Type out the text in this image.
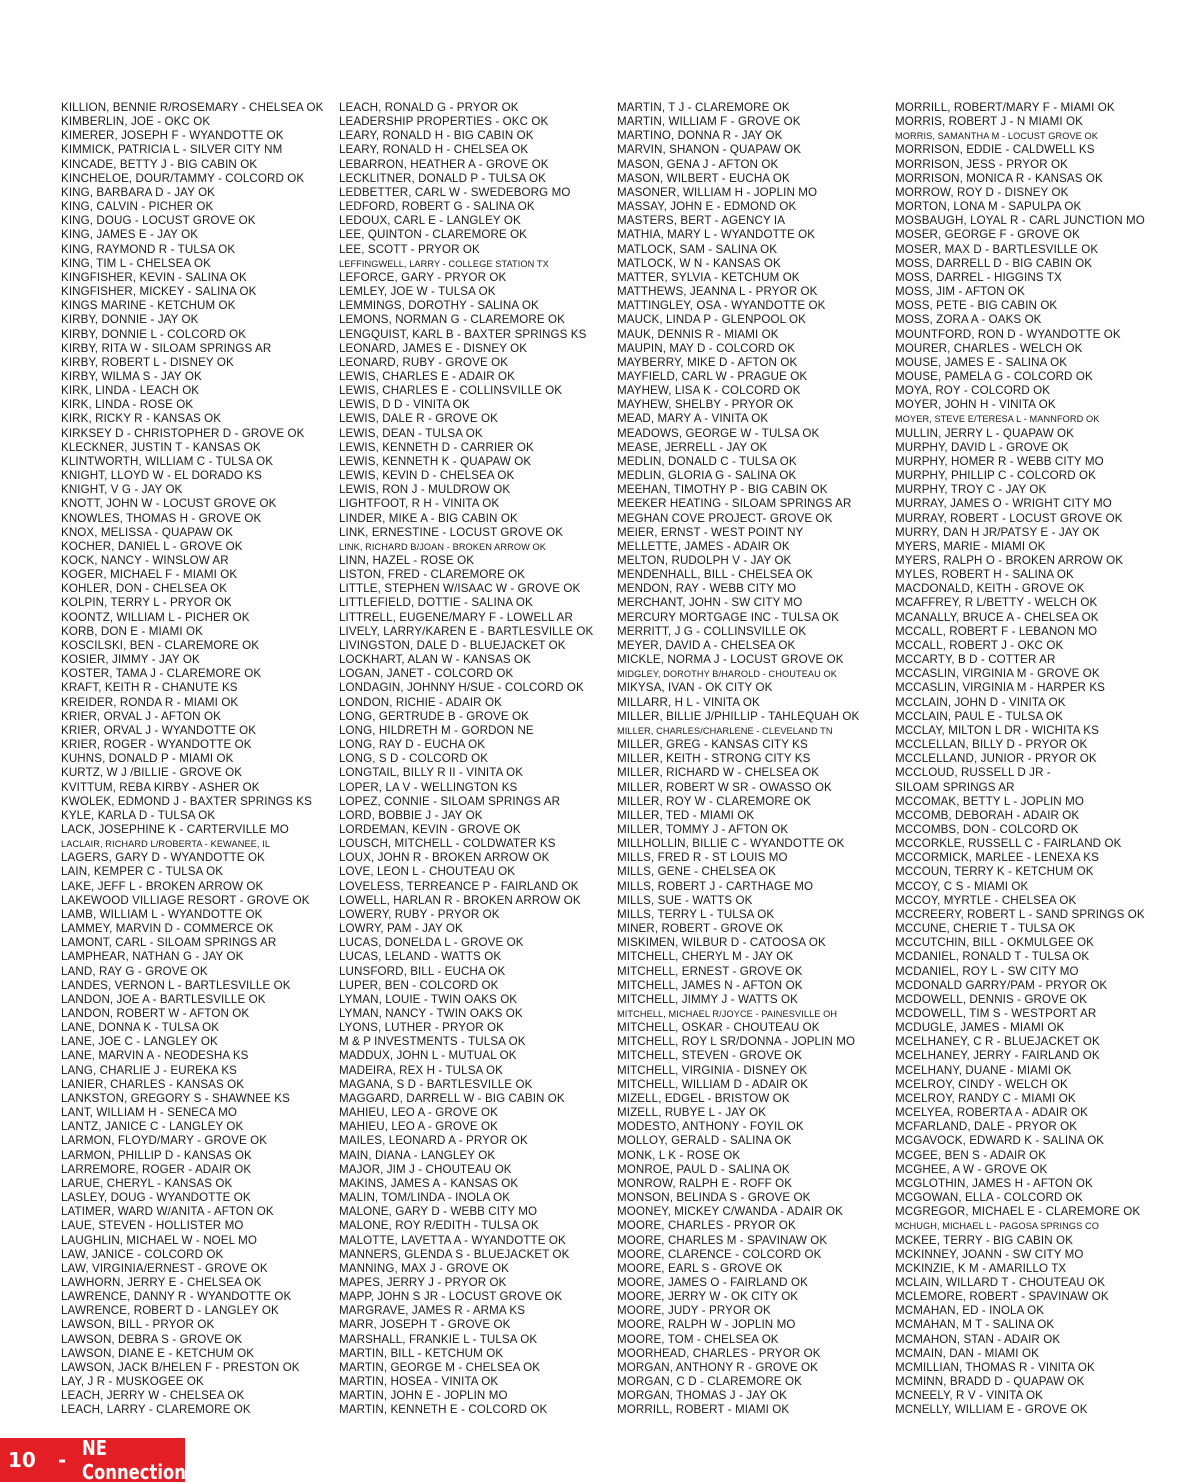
KILLION, BENNIE R/ROSEMARY - CHELSEA OK
KIMBERLIN, JOE - OKC OK
KIMERER, JOSEPH F - WYANDOTTE OK
KIMMICK, PATRICIA L - SILVER CITY NM
KINCADE, BETTY J - BIG CABIN OK
KINCHELOE, DOUR/TAMMY - COLCORD OK
KING, BARBARA D - JAY OK
KING, CALVIN - PICHER OK
KING, DOUG - LOCUST GROVE OK
KING, JAMES E - JAY OK
KING, RAYMOND R - TULSA OK
KING, TIM L - CHELSEA OK
KINGFISHER, KEVIN - SALINA OK
KINGFISHER, MICKEY - SALINA OK
KINGS MARINE - KETCHUM OK
KIRBY, DONNIE - JAY OK
KIRBY, DONNIE L - COLCORD OK
KIRBY, RITA W - SILOAM SPRINGS AR
KIRBY, ROBERT L - DISNEY OK
KIRBY, WILMA S - JAY OK
KIRK, LINDA - LEACH OK
KIRK, LINDA - ROSE OK
KIRK, RICKY R - KANSAS OK
KIRKSEY D - CHRISTOPHER D - GROVE OK
KLECKNER, JUSTIN T - KANSAS OK
KLINTWORTH, WILLIAM C - TULSA OK
KNIGHT, LLOYD W - EL DORADO KS
KNIGHT, V G - JAY OK
KNOTT, JOHN W - LOCUST GROVE OK
KNOWLES, THOMAS H - GROVE OK
KNOX, MELISSA - QUAPAW OK
KOCHER, DANIEL L - GROVE OK
KOCK, NANCY - WINSLOW AR
KOGER, MICHAEL F - MIAMI OK
KOHLER, DON - CHELSEA OK
KOLPIN, TERRY L - PRYOR OK
KOONTZ, WILLIAM L - PICHER OK
KORB, DON E - MIAMI OK
KOSCILSKI, BEN - CLAREMORE OK
KOSIER, JIMMY - JAY OK
KOSTER, TAMA J - CLAREMORE OK
KRAFT, KEITH R - CHANUTE KS
KREIDER, RONDA R - MIAMI OK
KRIER, ORVAL J - AFTON OK
KRIER, ORVAL J - WYANDOTTE OK
KRIER, ROGER - WYANDOTTE OK
KUHNS, DONALD P - MIAMI OK
KURTZ, W J /BILLIE - GROVE OK
KVITTUM, REBA KIRBY - ASHER OK
KWOLEK, EDMOND J - BAXTER SPRINGS KS
KYLE, KARLA D - TULSA OK
LACK, JOSEPHINE K - CARTERVILLE MO
LACLAIR, RICHARD L/ROBERTA - KEWANEE, IL
LAGERS, GARY D - WYANDOTTE OK
LAIN, KEMPER C - TULSA OK
LAKE, JEFF L - BROKEN ARROW OK
LAKEWOOD VILLIAGE RESORT - GROVE OK
LAMB, WILLIAM L - WYANDOTTE OK
LAMMEY, MARVIN D - COMMERCE OK
LAMONT, CARL - SILOAM SPRINGS AR
LAMPHEAR, NATHAN G - JAY OK
LAND, RAY G - GROVE OK
LANDES, VERNON L - BARTLESVILLE OK
LANDON, JOE A - BARTLESVILLE OK
LANDON, ROBERT W - AFTON OK
LANE, DONNA K - TULSA OK
LANE, JOE C - LANGLEY OK
LANE, MARVIN A - NEODESHA KS
LANG, CHARLIE J - EUREKA KS
LANIER, CHARLES - KANSAS OK
LANKSTON, GREGORY S - SHAWNEE KS
LANT, WILLIAM H - SENECA MO
LANTZ, JANICE C - LANGLEY OK
LARMON, FLOYD/MARY - GROVE OK
LARMON, PHILLIP D - KANSAS OK
LARREMORE, ROGER - ADAIR OK
LARUE, CHERYL - KANSAS OK
LASLEY, DOUG - WYANDOTTE OK
LATIMER, WARD W/ANITA - AFTON OK
LAUE, STEVEN - HOLLISTER MO
LAUGHLIN, MICHAEL W - NOEL MO
LAW, JANICE - COLCORD OK
LAW, VIRGINIA/ERNEST - GROVE OK
LAWHORN, JERRY E - CHELSEA OK
LAWRENCE, DANNY R - WYANDOTTE OK
LAWRENCE, ROBERT D - LANGLEY OK
LAWSON, BILL - PRYOR OK
LAWSON, DEBRA S - GROVE OK
LAWSON, DIANE E - KETCHUM OK
LAWSON, JACK B/HELEN F - PRESTON OK
LAY, J R - MUSKOGEE OK
LEACH, JERRY W - CHELSEA OK
LEACH, LARRY - CLAREMORE OK
LEACH, RONALD G - PRYOR OK
LEADERSHIP PROPERTIES - OKC OK
LEARY, RONALD H - BIG CABIN OK
LEARY, RONALD H - CHELSEA OK
LEBARRON, HEATHER A - GROVE OK
LECKLITNER, DONALD P - TULSA OK
LEDBETTER, CARL W - SWEDEBORG MO
LEDFORD, ROBERT G - SALINA OK
LEDOUX, CARL E - LANGLEY OK
LEE, QUINTON - CLAREMORE OK
LEE, SCOTT - PRYOR OK
LEFFINGWELL, LARRY - COLLEGE STATION TX
LEFORCE, GARY - PRYOR OK
LEMLEY, JOE W - TULSA OK
LEMMINGS, DOROTHY - SALINA OK
LEMONS, NORMAN G - CLAREMORE OK
LENGQUIST, KARL B - BAXTER SPRINGS KS
LEONARD, JAMES E - DISNEY OK
LEONARD, RUBY - GROVE OK
LEWIS, CHARLES E - ADAIR OK
LEWIS, CHARLES E - COLLINSVILLE OK
LEWIS, D D - VINITA OK
LEWIS, DALE R - GROVE OK
LEWIS, DEAN - TULSA OK
LEWIS, KENNETH D - CARRIER OK
LEWIS, KENNETH K - QUAPAW OK
LEWIS, KEVIN D - CHELSEA OK
LEWIS, RON J - MULDROW OK
LIGHTFOOT, R H - VINITA OK
LINDER, MIKE A - BIG CABIN OK
LINK, ERNESTINE - LOCUST GROVE OK
LINK, RICHARD B/JOAN - BROKEN ARROW OK
LINN, HAZEL - ROSE OK
LISTON, FRED - CLAREMORE OK
LITTLE, STEPHEN W/ISAAC W - GROVE OK
LITTLEFIELD, DOTTIE - SALINA OK
LITTRELL, EUGENE/MARY F - LOWELL AR
LIVELY, LARRY/KAREN E - BARTLESVILLE OK
LIVINGSTON, DALE D - BLUEJACKET OK
LOCKHART, ALAN W - KANSAS OK
LOGAN, JANET - COLCORD OK
LONDAGIN, JOHNNY H/SUE - COLCORD OK
LONDON, RICHIE - ADAIR OK
LONG, GERTRUDE B - GROVE OK
LONG, HILDRETH M - GORDON NE
LONG, RAY D - EUCHA OK
LONG, S D - COLCORD OK
LONGTAIL, BILLY R II - VINITA OK
LOPER, LA V - WELLINGTON KS
LOPEZ, CONNIE - SILOAM SPRINGS AR
LORD, BOBBIE J - JAY OK
LORDEMAN, KEVIN - GROVE OK
LOUSCH, MITCHELL - COLDWATER KS
LOUX, JOHN R - BROKEN ARROW OK
LOVE, LEON L - CHOUTEAU OK
LOVELESS, TERREANCE P - FAIRLAND OK
LOWELL, HARLAN R - BROKEN ARROW OK
LOWERY, RUBY - PRYOR OK
LOWRY, PAM - JAY OK
LUCAS, DONELDA L - GROVE OK
LUCAS, LELAND - WATTS OK
LUNSFORD, BILL - EUCHA OK
LUPER, BEN - COLCORD OK
LYMAN, LOUIE - TWIN OAKS OK
LYMAN, NANCY - TWIN OAKS OK
LYONS, LUTHER - PRYOR OK
M & P INVESTMENTS - TULSA OK
MADDUX, JOHN L - MUTUAL OK
MADEIRA, REX H - TULSA OK
MAGANA, S D - BARTLESVILLE OK
MAGGARD, DARRELL W - BIG CABIN OK
MAHIEU, LEO A - GROVE OK
MAHIEU, LEO A - GROVE OK
MAILES, LEONARD A - PRYOR OK
MAIN, DIANA - LANGLEY OK
MAJOR, JIM J - CHOUTEAU OK
MAKINS, JAMES A - KANSAS OK
MALIN, TOM/LINDA - INOLA OK
MALONE, GARY D - WEBB CITY MO
MALONE, ROY R/EDITH - TULSA OK
MALOTTE, LAVETTA A - WYANDOTTE OK
MANNERS, GLENDA S - BLUEJACKET OK
MANNING, MAX J - GROVE OK
MAPES, JERRY J - PRYOR OK
MAPP, JOHN S JR - LOCUST GROVE OK
MARGRAVE, JAMES R - ARMA KS
MARR, JOSEPH T - GROVE OK
MARSHALL, FRANKIE L - TULSA OK
MARTIN, BILL - KETCHUM OK
MARTIN, GEORGE M - CHELSEA OK
MARTIN, HOSEA - VINITA OK
MARTIN, JOHN E - JOPLIN MO
MARTIN, KENNETH E - COLCORD OK
MARTIN, T J - CLAREMORE OK
MARTIN, WILLIAM F - GROVE OK
MARTINO, DONNA R - JAY OK
MARVIN, SHANON - QUAPAW OK
MASON, GENA J - AFTON OK
MASON, WILBERT - EUCHA OK
MASONER, WILLIAM H - JOPLIN MO
MASSAY, JOHN E - EDMOND OK
MASTERS, BERT - AGENCY IA
MATHIA, MARY L - WYANDOTTE OK
MATLOCK, SAM - SALINA OK
MATLOCK, W N - KANSAS OK
MATTER, SYLVIA - KETCHUM OK
MATTHEWS, JEANNA L - PRYOR OK
MATTINGLEY, OSA - WYANDOTTE OK
MAUCK, LINDA P - GLENPOOL OK
MAUK, DENNIS R - MIAMI OK
MAUPIN, MAY D - COLCORD OK
MAYBERRY, MIKE D - AFTON OK
MAYFIELD, CARL W - PRAGUE OK
MAYHEW, LISA K - COLCORD OK
MAYHEW, SHELBY - PRYOR OK
MEAD, MARY A - VINITA OK
MEADOWS, GEORGE W - TULSA OK
MEASE, JERRELL - JAY OK
MEDLIN, DONALD C - TULSA OK
MEDLIN, GLORIA G - SALINA OK
MEEHAN, TIMOTHY P - BIG CABIN OK
MEEKER HEATING - SILOAM SPRINGS AR
MEGHAN COVE PROJECT- GROVE OK
MEIER, ERNST - WEST POINT NY
MELLETTE, JAMES - ADAIR OK
MELTON, RUDOLPH V - JAY OK
MENDENHALL, BILL - CHELSEA OK
MENDON, RAY - WEBB CITY MO
MERCHANT, JOHN - SW CITY MO
MERCURY MORTGAGE INC - TULSA OK
MERRITT, J G - COLLINSVILLE OK
MEYER, DAVID A - CHELSEA OK
MICKLE, NORMA J - LOCUST GROVE OK
MIDGLEY, DOROTHY B/HAROLD - CHOUTEAU OK
MIKYSA, IVAN - OK CITY OK
MILLARR, H L - VINITA OK
MILLER, BILLIE J/PHILLIP - TAHLEQUAH OK
MILLER, CHARLES/CHARLENE - CLEVELAND TN
MILLER, GREG - KANSAS CITY KS
MILLER, KEITH - STRONG CITY KS
MILLER, RICHARD W - CHELSEA OK
MILLER, ROBERT W SR - OWASSO OK
MILLER, ROY W - CLAREMORE OK
MILLER, TED - MIAMI OK
MILLER, TOMMY J - AFTON OK
MILLHOLLIN, BILLIE C - WYANDOTTE OK
MILLS, FRED R - ST LOUIS MO
MILLS, GENE - CHELSEA OK
MILLS, ROBERT J - CARTHAGE MO
MILLS, SUE - WATTS OK
MILLS, TERRY L - TULSA OK
MINER, ROBERT - GROVE OK
MISKIMEN, WILBUR D - CATOOSA OK
MITCHELL, CHERYL M - JAY OK
MITCHELL, ERNEST - GROVE OK
MITCHELL, JAMES N - AFTON OK
MITCHELL, JIMMY J - WATTS OK
MITCHELL, MICHAEL R/JOYCE - PAINESVILLE OH
MITCHELL, OSKAR - CHOUTEAU OK
MITCHELL, ROY L SR/DONNA - JOPLIN MO
MITCHELL, STEVEN - GROVE OK
MITCHELL, VIRGINIA - DISNEY OK
MITCHELL, WILLIAM D - ADAIR OK
MIZELL, EDGEL - BRISTOW OK
MIZELL, RUBYE L - JAY OK
MODESTO, ANTHONY - FOYIL OK
MOLLOY, GERALD - SALINA OK
MONK, L K - ROSE OK
MONROE, PAUL D - SALINA OK
MONROW, RALPH E - ROFF OK
MONSON, BELINDA S - GROVE OK
MOONEY, MICKEY C/WANDA - ADAIR OK
MOORE, CHARLES - PRYOR OK
MOORE, CHARLES M - SPAVINAW OK
MOORE, CLARENCE - COLCORD OK
MOORE, EARL S - GROVE OK
MOORE, JAMES O - FAIRLAND OK
MOORE, JERRY W - OK CITY OK
MOORE, JUDY - PRYOR OK
MOORE, RALPH W - JOPLIN MO
MOORE, TOM - CHELSEA OK
MOORHEAD, CHARLES - PRYOR OK
MORGAN, ANTHONY R - GROVE OK
MORGAN, C D - CLAREMORE OK
MORGAN, THOMAS J - JAY OK
MORRILL, ROBERT - MIAMI OK
MORRILL, ROBERT/MARY F - MIAMI OK
MORRIS, ROBERT J - N MIAMI OK
MORRIS, SAMANTHA M - LOCUST GROVE OK
MORRISON, EDDIE - CALDWELL KS
MORRISON, JESS - PRYOR OK
MORRISON, MONICA R - KANSAS OK
MORROW, ROY D - DISNEY OK
MORTON, LONA M - SAPULPA OK
MOSBAUGH, LOYAL R - CARL JUNCTION MO
MOSER, GEORGE F - GROVE OK
MOSER, MAX D - BARTLESVILLE OK
MOSS, DARRELL D - BIG CABIN OK
MOSS, DARREL - HIGGINS TX
MOSS, JIM - AFTON OK
MOSS, PETE - BIG CABIN OK
MOSS, ZORA A - OAKS OK
MOUNTFORD, RON D - WYANDOTTE OK
MOURER, CHARLES - WELCH OK
MOUSE, JAMES E - SALINA OK
MOUSE, PAMELA G - COLCORD OK
MOYA, ROY - COLCORD OK
MOYER, JOHN H - VINITA OK
MOYER, STEVE E/TERESA L - MANNFORD OK
MULLIN, JERRY L - QUAPAW OK
MURPHY, DAVID L - GROVE OK
MURPHY, HOMER R - WEBB CITY MO
MURPHY, PHILLIP C - COLCORD OK
MURPHY, TROY C - JAY OK
MURRAY, JAMES O - WRIGHT CITY MO
MURRAY, ROBERT - LOCUST GROVE OK
MURRY, DAN H JR/PATSY E - JAY OK
MYERS, MARIE - MIAMI OK
MYERS, RALPH O - BROKEN ARROW OK
MYLES, ROBERT H - SALINA OK
MACDONALD, KEITH - GROVE OK
MCAFFREY, R L/BETTY - WELCH OK
MCANALLY, BRUCE A - CHELSEA OK
MCCALL, ROBERT F - LEBANON MO
MCCALL, ROBERT J - OKC OK
MCCARTY, B D - COTTER AR
MCCASLIN, VIRGINIA M - GROVE OK
MCCASLIN, VIRGINIA M - HARPER KS
MCCLAIN, JOHN D - VINITA OK
MCCLAIN, PAUL E - TULSA OK
MCCLAY, MILTON L DR - WICHITA KS
MCCLELLAN, BILLY D - PRYOR OK
MCCLELLAND, JUNIOR - PRYOR OK
MCCLOUD, RUSSELL D JR - SILOAM SPRINGS AR
MCCOMAK, BETTY L - JOPLIN MO
MCCOMB, DEBORAH - ADAIR OK
MCCOMBS, DON - COLCORD OK
MCCORKLE, RUSSELL C - FAIRLAND OK
MCCORMICK, MARLEE - LENEXA KS
MCCOUN, TERRY K - KETCHUM OK
MCCOY, C S - MIAMI OK
MCCOY, MYRTLE - CHELSEA OK
MCCREERY, ROBERT L - SAND SPRINGS OK
MCCUNE, CHERIE T - TULSA OK
MCCUTCHIN, BILL - OKMULGEE OK
MCDANIEL, RONALD T - TULSA OK
MCDANIEL, ROY L - SW CITY MO
MCDONALD GARRY/PAM - PRYOR OK
MCDOWELL, DENNIS - GROVE OK
MCDOWELL, TIM S - WESTPORT AR
MCDUGLE, JAMES - MIAMI OK
MCELHANEY, C R - BLUEJACKET OK
MCELHANEY, JERRY - FAIRLAND OK
MCELHANY, DUANE - MIAMI OK
MCELROY, CINDY - WELCH OK
MCELROY, RANDY C - MIAMI OK
MCELYEA, ROBERTA A - ADAIR OK
MCFARLAND, DALE - PRYOR OK
MCGAVOCK, EDWARD K - SALINA OK
MCGEE, BEN S - ADAIR OK
MCGHEE, A W - GROVE OK
MCGLOTHIN, JAMES H - AFTON OK
MCGOWAN, ELLA - COLCORD OK
MCGREGOR, MICHAEL E - CLAREMORE OK
MCHUGH, MICHAEL L - PAGOSA SPRINGS CO
MCKEE, TERRY - BIG CABIN OK
MCKINNEY, JOANN - SW CITY MO
MCKINZIE, K M - AMARILLO TX
MCLAIN, WILLARD T - CHOUTEAU OK
MCLEMORE, ROBERT - SPAVINAW OK
MCMAHAN, ED - INOLA OK
MCMAHAN, M T - SALINA OK
MCMAHON, STAN - ADAIR OK
MCMAIN, DAN - MIAMI OK
MCMILLIAN, THOMAS R - VINITA OK
MCMINN, BRADD D - QUAPAW OK
MCNEELY, R V - VINITA OK
MCNELLY, WILLIAM E - GROVE OK
10 - NE Connection
